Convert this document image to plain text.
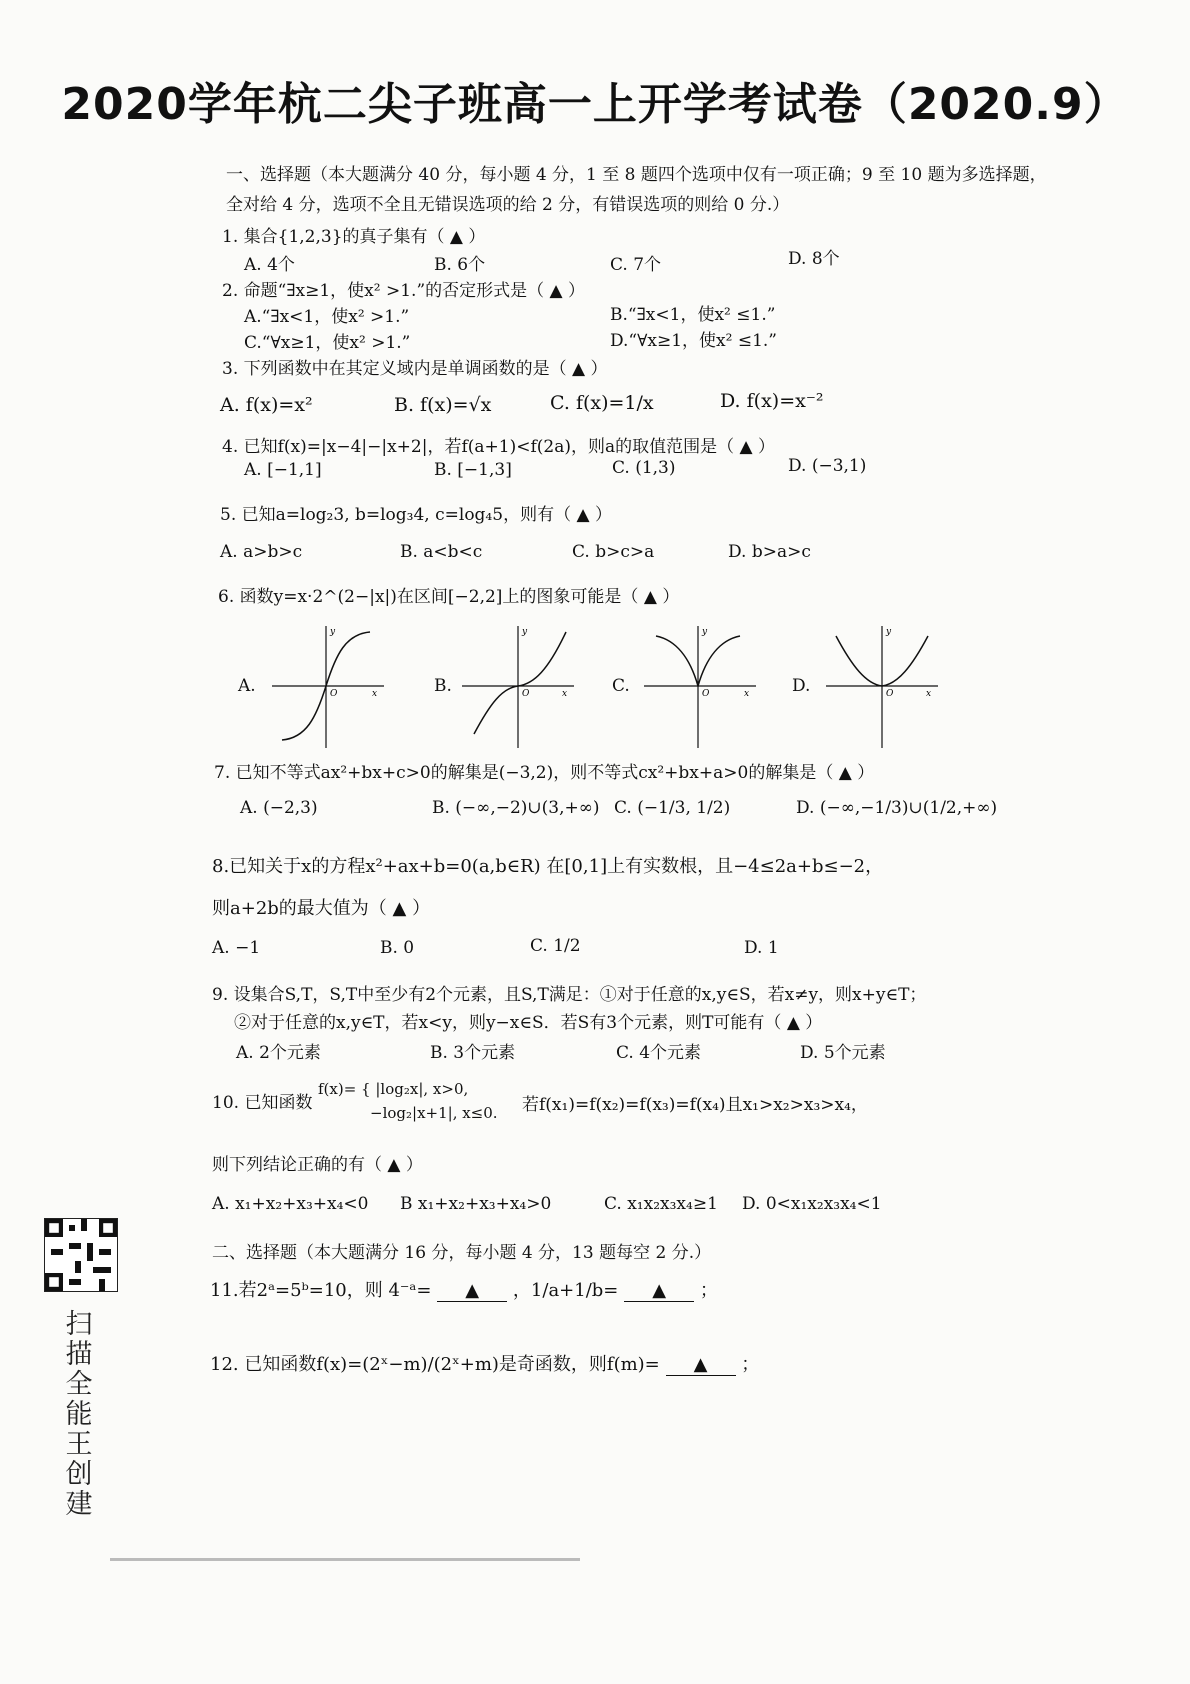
2020学年杭二尖子班高一上开学考试卷（2020.9）
一、选择题（本大题满分 40 分，每小题 4 分，1 至 8 题四个选项中仅有一项正确；9 至 10 题为多选择题，
全对给 4 分，选项不全且无错误选项的给 2 分，有错误选项的则给 0 分.）
1. 集合{1,2,3}的真子集有（ ▲ ）
A. 4个	B. 6个	C. 7个	D. 8个
2. 命题“∃x≥1，使x² >1.”的否定形式是（ ▲ ）
A.“∃x<1，使x² >1.”	B.“∃x<1，使x² ≤1.”
C.“∀x≥1，使x² >1.”	D.“∀x≥1，使x² ≤1.”
3. 下列函数中在其定义域内是单调函数的是（ ▲ ）
A. f(x)=x²	B. f(x)=√x	C. f(x)=1/x	D. f(x)=x⁻²
4. 已知f(x)=|x−4|−|x+2|，若f(a+1)<f(2a)，则a的取值范围是（ ▲ ）
A. [−1,1]	B. [−1,3]	C. (1,3)	D. (−3,1)
5. 已知a=log₂3, b=log₃4, c=log₄5，则有（ ▲ ）
A. a>b>c	B. a<b<c	C. b>c>a	D. b>a>c
6. 函数y=x·2^(2−|x|)在区间[−2,2]上的图象可能是（ ▲ ）
A.
y
x
O	B.
y
x
O	C.
y
x
O	D.
y
x
O
7. 已知不等式ax²+bx+c>0的解集是(−3,2)，则不等式cx²+bx+a>0的解集是（ ▲ ）
A. (−2,3)	B. (−∞,−2)∪(3,+∞) C. (−1/3, 1/2)	D. (−∞,−1/3)∪(1/2,+∞)
8.已知关于x的方程x²+ax+b=0(a,b∈R) 在[0,1]上有实数根，且−4≤2a+b≤−2，
则a+2b的最大值为（ ▲ ）
A. −1	B. 0	C. 1/2	D. 1
9. 设集合S,T，S,T中至少有2个元素，且S,T满足：①对于任意的x,y∈S，若x≠y，则x+y∈T；
②对于任意的x,y∈T，若x<y，则y−x∈S．若S有3个元素，则T可能有（ ▲ ）
A. 2个元素	B. 3个元素	C. 4个元素	D. 5个元素
10. 已知函数
f(x)= { |log₂x|, x>0,
−log₂|x+1|, x≤0. 若f(x₁)=f(x₂)=f(x₃)=f(x₄)且x₁>x₂>x₃>x₄，
则下列结论正确的有（ ▲ ）
A. x₁+x₂+x₃+x₄<0 B x₁+x₂+x₃+x₄>0	C. x₁x₂x₃x₄≥1 D. 0<x₁x₂x₃x₄<1
二、选择题（本大题满分 16 分，每小题 4 分，13 题每空 2 分.）
11.若2ᵃ=5ᵇ=10，则 4⁻ᵃ= ▲ ，1/a+1/b= ▲ ；
12. 已知函数f(x)=(2ˣ−m)/(2ˣ+m)是奇函数，则f(m)= ▲ ；
扫描全能王 创建
